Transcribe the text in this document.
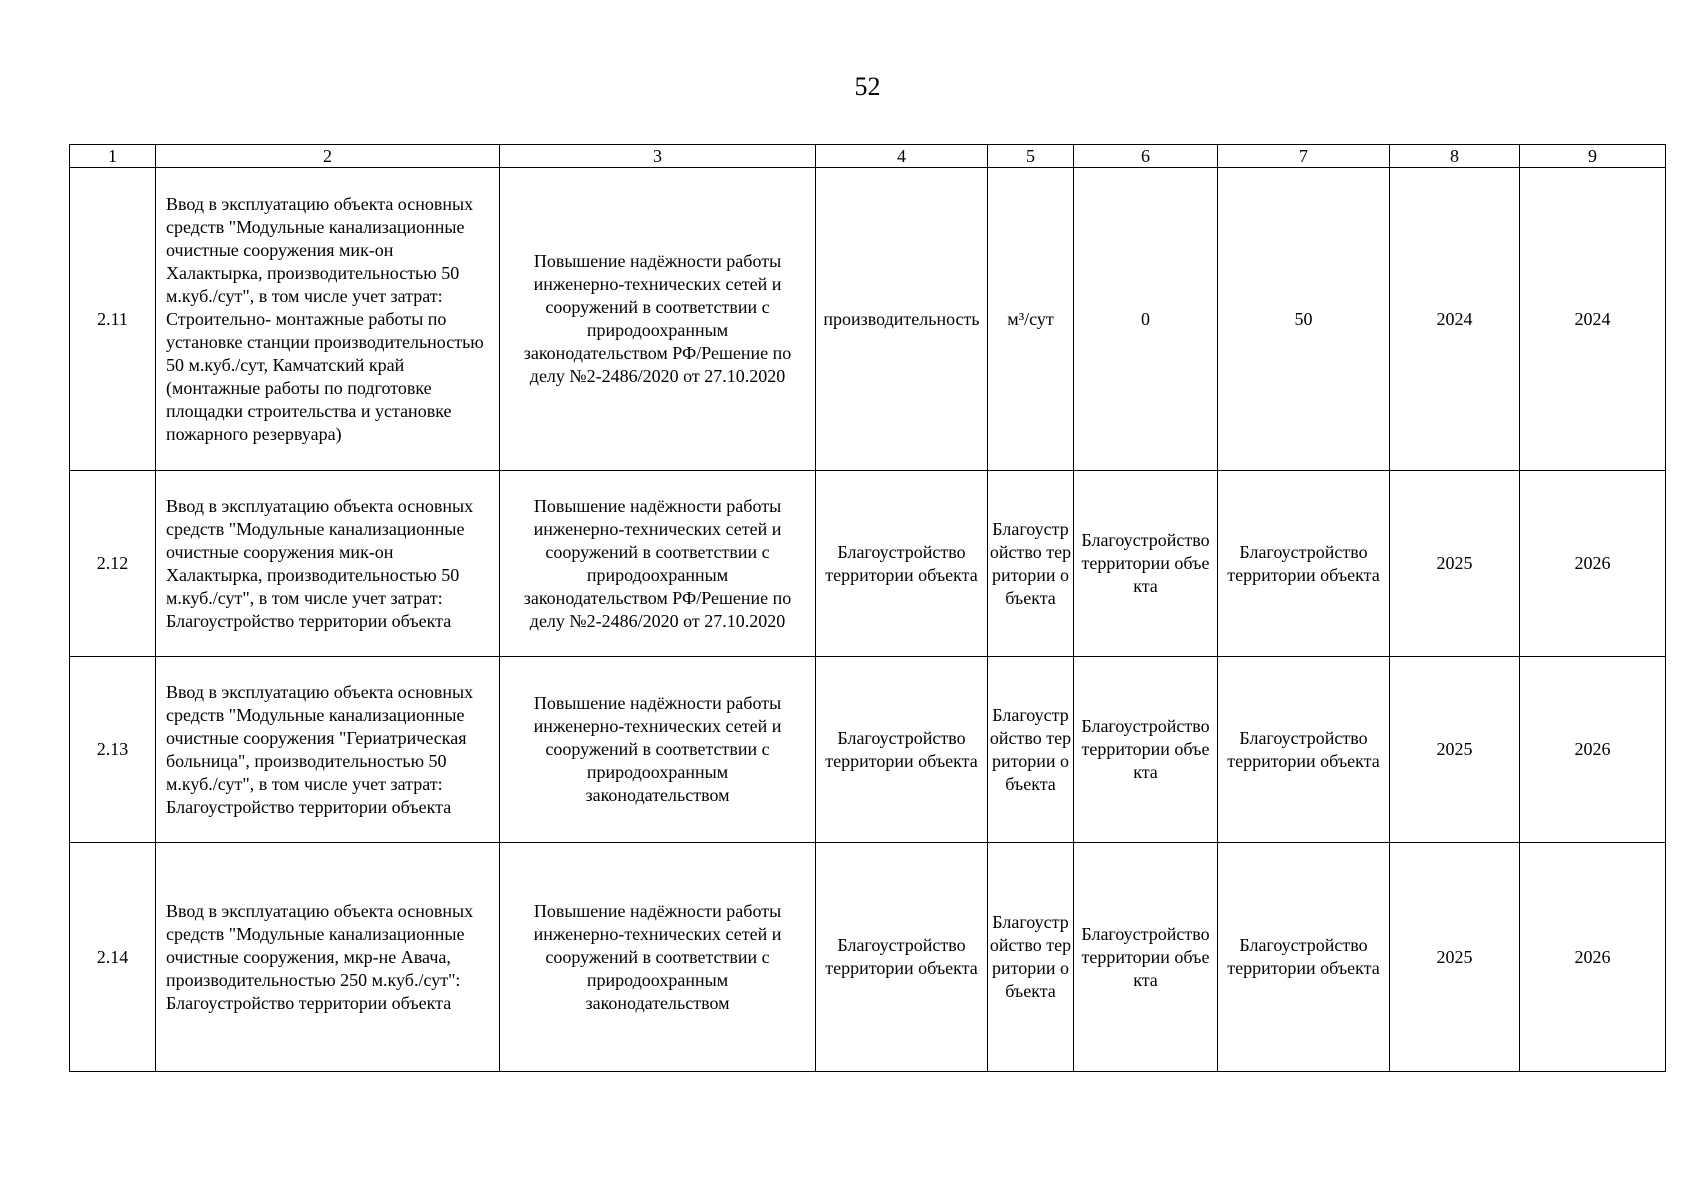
52
1	2	3	4	5	6	7	8	9
2.11	Ввод в эксплуатацию объекта основных средств "Модульные канализационные очистные сооружения мик-он Халактырка, производительностью 50 м.куб./сут", в том числе учет затрат: Строительно- монтажные работы по установке станции производительностью 50 м.куб./сут, Камчатский край (монтажные работы по подготовке площадки строительства и установке пожарного резервуара)	Повышение надёжности работы инженерно-технических сетей и сооружений в соответствии с природоохранным законодательством РФ/Решение по делу №2-2486/2020 от 27.10.2020	производительность	м³/сут	0	50	2024	2024
2.12	Ввод в эксплуатацию объекта основных средств "Модульные канализационные очистные сооружения мик-он Халактырка, производительностью 50 м.куб./сут", в том числе учет затрат: Благоустройство территории объекта	Повышение надёжности работы инженерно-технических сетей и сооружений в соответствии с природоохранным законодательством РФ/Решение по делу №2-2486/2020 от 27.10.2020	Благоустройство территории объекта	Благоустройство территории объекта	Благоустройство территории объекта	Благоустройство территории объекта	2025	2026
2.13	Ввод в эксплуатацию объекта основных средств "Модульные канализационные очистные сооружения "Гериатрическая больница", производительностью 50 м.куб./сут", в том числе учет затрат: Благоустройство территории объекта	Повышение надёжности работы инженерно-технических сетей и сооружений в соответствии с природоохранным законодательством	Благоустройство территории объекта	Благоустройство территории объекта	Благоустройство территории объекта	Благоустройство территории объекта	2025	2026
2.14	Ввод в эксплуатацию объекта основных средств "Модульные канализационные очистные сооружения, мкр-не Авача, производительностью 250 м.куб./сут": Благоустройство территории объекта	Повышение надёжности работы инженерно-технических сетей и сооружений в соответствии с природоохранным законодательством	Благоустройство территории объекта	Благоустройство территории объекта	Благоустройство территории объекта	Благоустройство территории объекта	2025	2026
